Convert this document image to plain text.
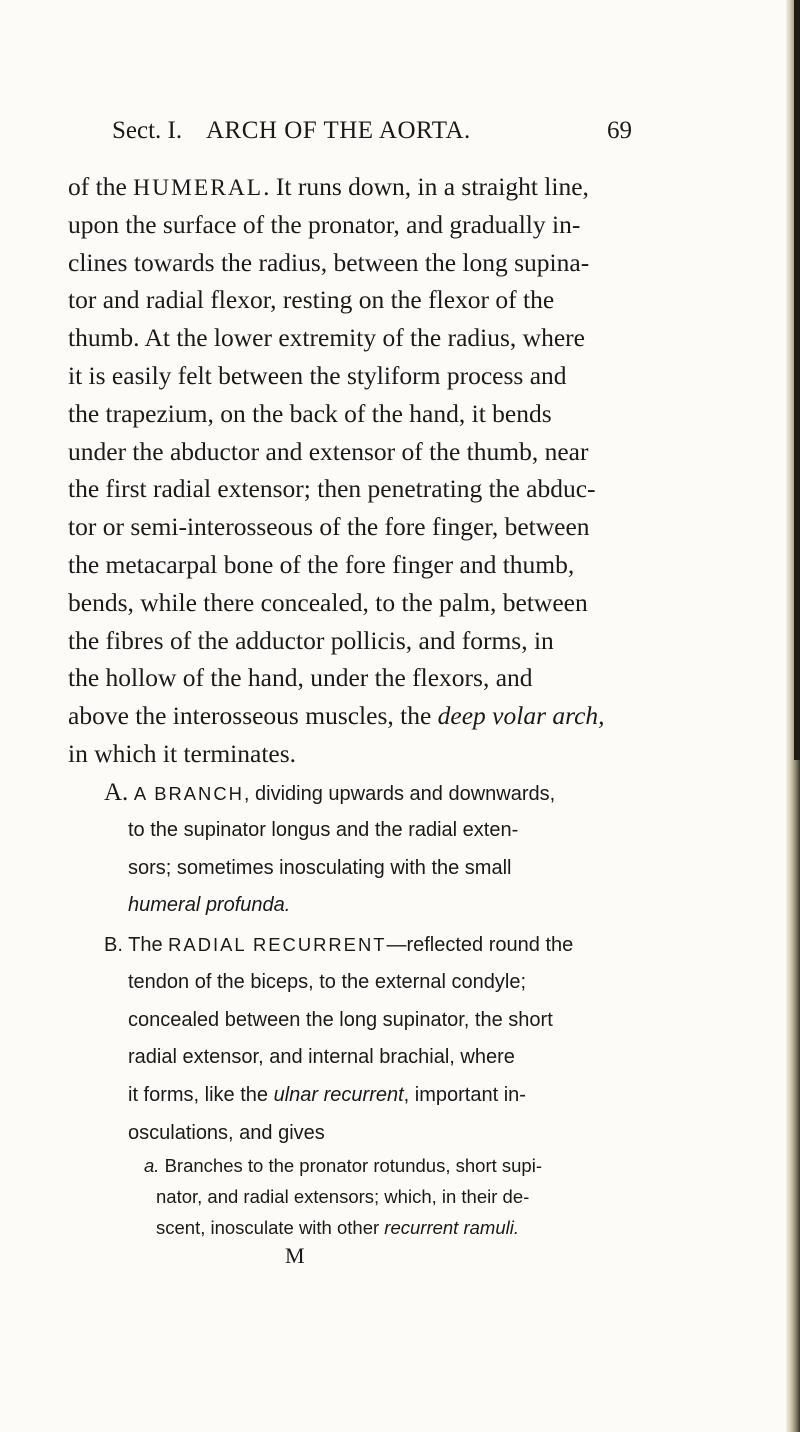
Sect. I. ARCH OF THE AORTA.	69
of the HUMERAL. It runs down, in a straight line,
upon the surface of the pronator, and gradually in-
clines towards the radius, between the long supina-
tor and radial flexor, resting on the flexor of the
thumb. At the lower extremity of the radius, where
it is easily felt between the styliform process and
the trapezium, on the back of the hand, it bends
under the abductor and extensor of the thumb, near
the first radial extensor; then penetrating the abduc-
tor or semi-interosseous of the fore finger, between
the metacarpal bone of the fore finger and thumb,
bends, while there concealed, to the palm, between
the fibres of the adductor pollicis, and forms, in
the hollow of the hand, under the flexors, and
above the interosseous muscles, the deep volar arch,
in which it terminates.
A. A BRANCH, dividing upwards and downwards,
to the supinator longus and the radial exten-
sors; sometimes inosculating with the small
humeral profunda.
B. The RADIAL RECURRENT—reflected round the
tendon of the biceps, to the external condyle;
concealed between the long supinator, the short
radial extensor, and internal brachial, where
it forms, like the ulnar recurrent, important in-
osculations, and gives
a. Branches to the pronator rotundus, short supi-
nator, and radial extensors; which, in their de-
scent, inosculate with other recurrent ramuli.
M
